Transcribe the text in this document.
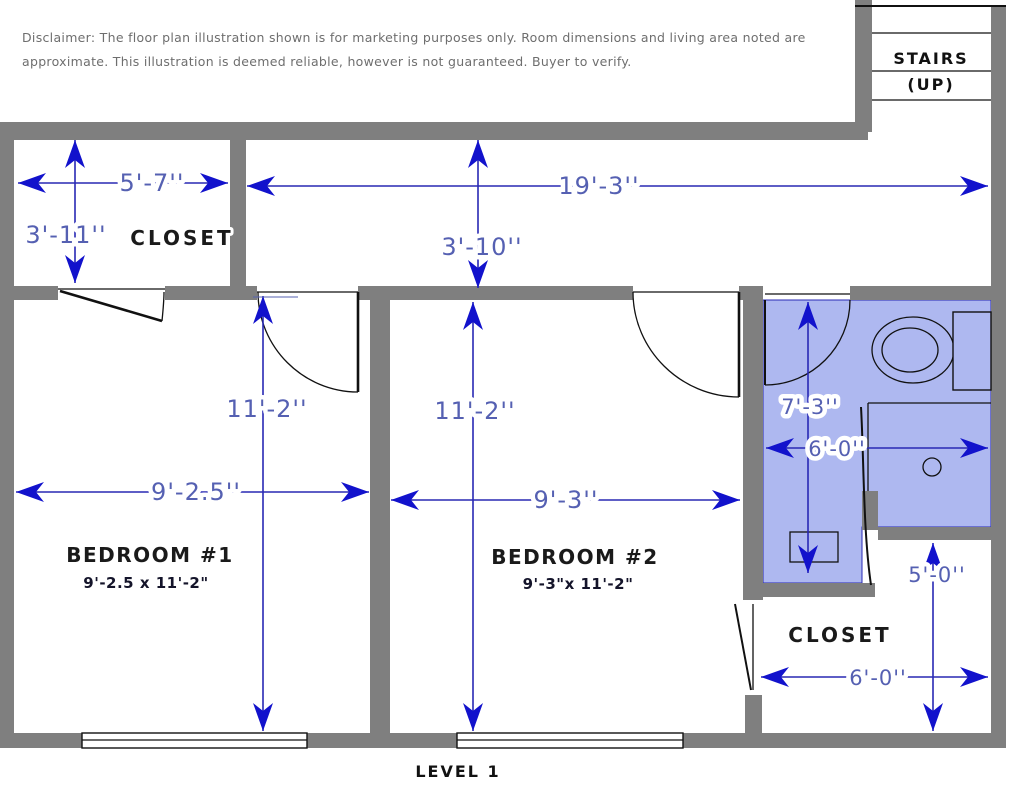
Disclaimer: The floor plan illustration shown is for marketing purposes only. Room dimensions and living area noted are
approximate. This illustration is deemed reliable, however is not guaranteed. Buyer to verify.	STAIRS
(UP)
5'-7''
3'-11''
19'-3''
3'-10''
11'-2''
9'-2.5''
11'-2''
9'-3''
7'-3''
6'-0''
5'-0''
6'-0''
CLOSET
BEDROOM #1
9'-2.5 x 11'-2"
BEDROOM #2
9'-3"x 11'-2"
CLOSET
LEVEL 1
